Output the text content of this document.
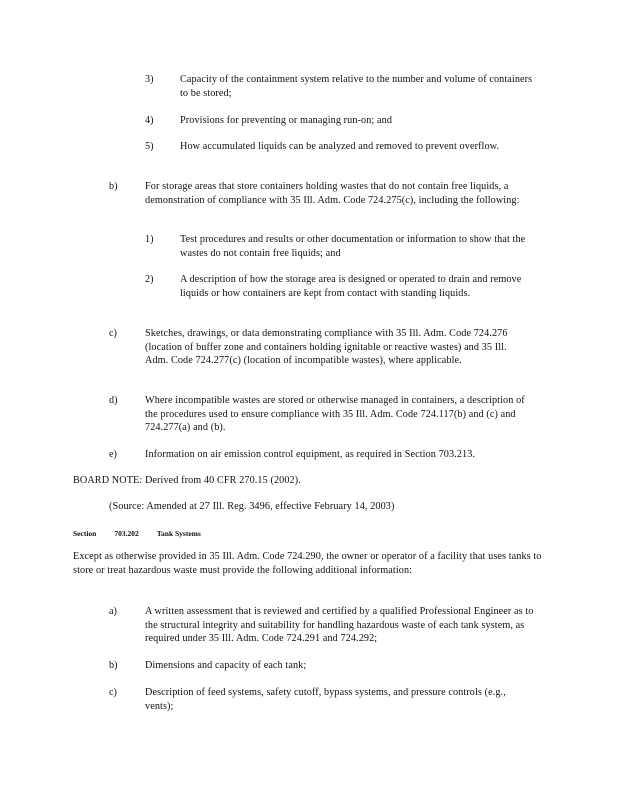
3)	Capacity of the containment system relative to the number and volume of containers to be stored;
4)	Provisions for preventing or managing run-on; and
5)	How accumulated liquids can be analyzed and removed to prevent overflow.
b)	For storage areas that store containers holding wastes that do not contain free liquids, a demonstration of compliance with 35 Ill. Adm. Code 724.275(c), including the following:
1)	Test procedures and results or other documentation or information to show that the wastes do not contain free liquids; and
2)	A description of how the storage area is designed or operated to drain and remove liquids or how containers are kept from contact with standing liquids.
c)	Sketches, drawings, or data demonstrating compliance with 35 Ill. Adm. Code 724.276 (location of buffer zone and containers holding ignitable or reactive wastes) and 35 Ill. Adm. Code 724.277(c) (location of incompatible wastes), where applicable.
d)	Where incompatible wastes are stored or otherwise managed in containers, a description of the procedures used to ensure compliance with 35 Ill. Adm. Code 724.117(b) and (c) and 724.277(a) and (b).
e)	Information on air emission control equipment, as required in Section 703.213.
BOARD NOTE: Derived from 40 CFR 270.15 (2002).
(Source: Amended at 27 Ill. Reg. 3496, effective February 14, 2003)
Section 703.202 Tank Systems
Except as otherwise provided in 35 Ill. Adm. Code 724.290, the owner or operator of a facility that uses tanks to store or treat hazardous waste must provide the following additional information:
a)	A written assessment that is reviewed and certified by a qualified Professional Engineer as to the structural integrity and suitability for handling hazardous waste of each tank system, as required under 35 Ill. Adm. Code 724.291 and 724.292;
b)	Dimensions and capacity of each tank;
c)	Description of feed systems, safety cutoff, bypass systems, and pressure controls (e.g., vents);
